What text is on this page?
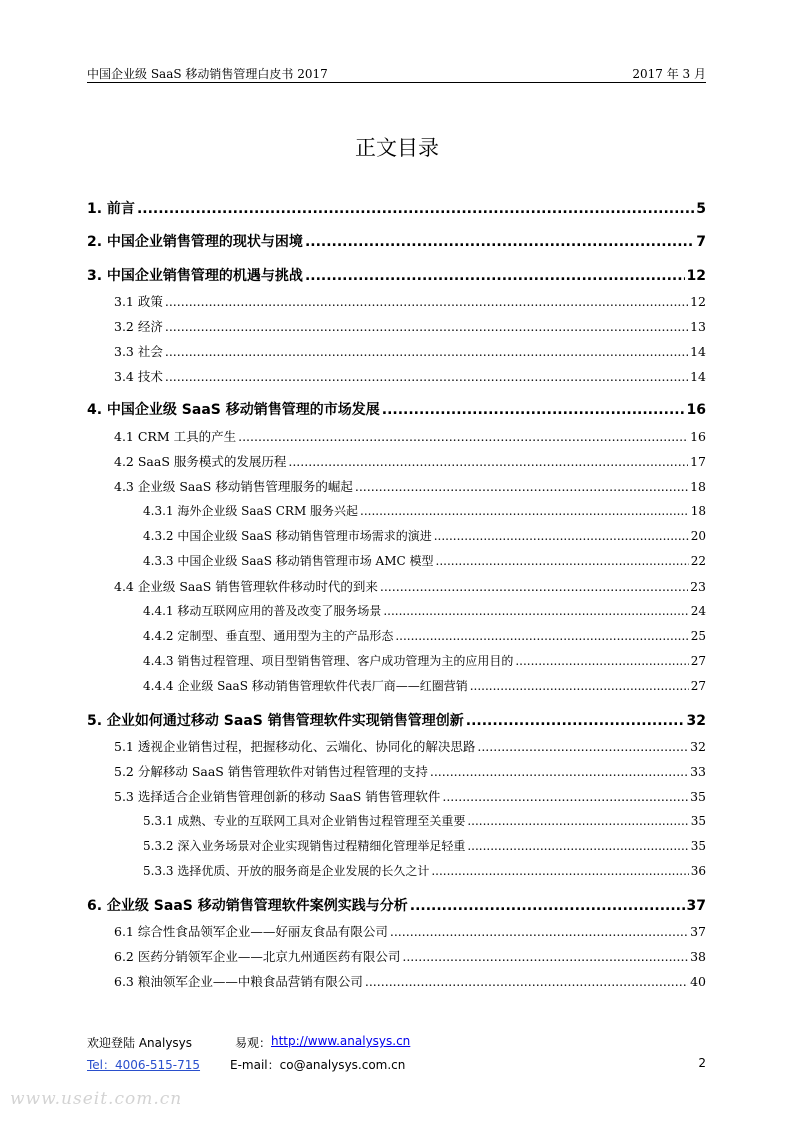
中国企业级 SaaS 移动销售管理白皮书 2017	2017 年 3 月
正文目录
1. 前言 .....	5
2. 中国企业销售管理的现状与困境 .....	7
3. 中国企业销售管理的机遇与挑战 .....	12
3.1 政策 .....	12
3.2 经济 .....	13
3.3 社会 .....	14
3.4 技术 .....	14
4. 中国企业级 SaaS 移动销售管理的市场发展 .....	16
4.1 CRM 工具的产生 .....	16
4.2 SaaS 服务模式的发展历程 .....	17
4.3 企业级 SaaS 移动销售管理服务的崛起 .....	18
4.3.1 海外企业级 SaaS CRM 服务兴起 .....	18
4.3.2 中国企业级 SaaS 移动销售管理市场需求的演进 .....	20
4.3.3 中国企业级 SaaS 移动销售管理市场 AMC 模型 .....	22
4.4 企业级 SaaS 销售管理软件移动时代的到来 .....	23
4.4.1 移动互联网应用的普及改变了服务场景 .....	24
4.4.2 定制型、垂直型、通用型为主的产品形态 .....	25
4.4.3 销售过程管理、项目型销售管理、客户成功管理为主的应用目的 .....	27
4.4.4 企业级 SaaS 移动销售管理软件代表厂商——红圈营销 .....	27
5. 企业如何通过移动 SaaS 销售管理软件实现销售管理创新 .....	32
5.1 透视企业销售过程，把握移动化、云端化、协同化的解决思路 .....	32
5.2 分解移动 SaaS 销售管理软件对销售过程管理的支持 .....	33
5.3 选择适合企业销售管理创新的移动 SaaS 销售管理软件 .....	35
5.3.1 成熟、专业的互联网工具对企业销售过程管理至关重要 .....	35
5.3.2 深入业务场景对企业实现销售过程精细化管理举足轻重 .....	35
5.3.3 选择优质、开放的服务商是企业发展的长久之计 .....	36
6. 企业级 SaaS 移动销售管理软件案例实践与分析 .....	37
6.1 综合性食品领军企业——好丽友食品有限公司 .....	37
6.2 医药分销领军企业——北京九州通医药有限公司 .....	38
6.3 粮油领军企业——中粮食品营销有限公司 .....	40
欢迎登陆 Analysys	易观： http://www.analysys.cn
Tel：4006-515-715 E-mail：co@analysys.com.cn	2
www.useit.com.cn
